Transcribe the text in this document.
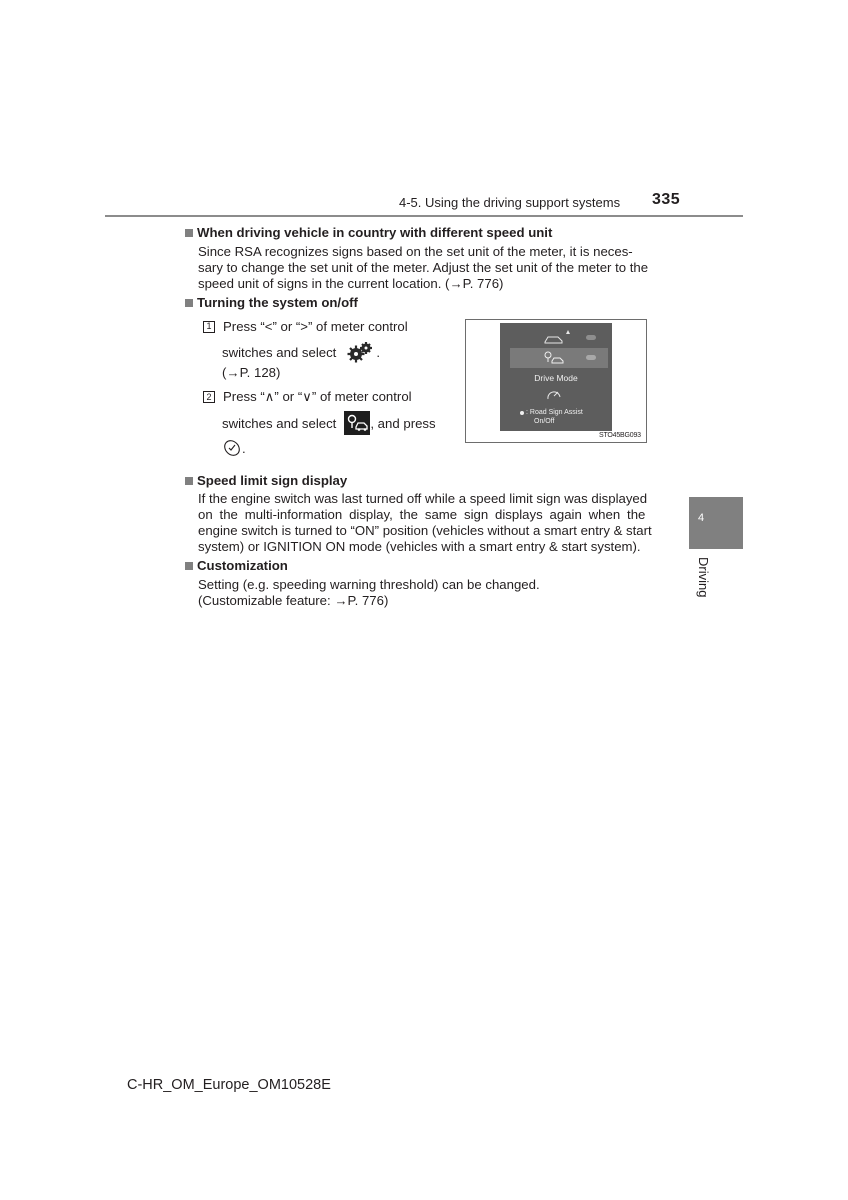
4-5. Using the driving support systems 335
When driving vehicle in country with different speed unit
Since RSA recognizes signs based on the set unit of the meter, it is neces-
sary to change the set unit of the meter. Adjust the set unit of the meter to the
speed unit of signs in the current location. (→P. 776)
Turning the system on/off
1 Press “<” or “>” of meter control
switches and select	.
(→P. 128)
2 Press “∧” or “∨” of meter control
switches and select	, and press
.
Drive Mode
: Road Sign Assist
On/Off
STO45BG093
Speed limit sign display
If the engine switch was last turned off while a speed limit sign was displayed
on the multi-information display, the same sign displays again when the
engine switch is turned to “ON” position (vehicles without a smart entry & start
system) or IGNITION ON mode (vehicles with a smart entry & start system).
Customization
Setting (e.g. speeding warning threshold) can be changed.
(Customizable feature: →P. 776)
4
Driving
C-HR_OM_Europe_OM10528E
